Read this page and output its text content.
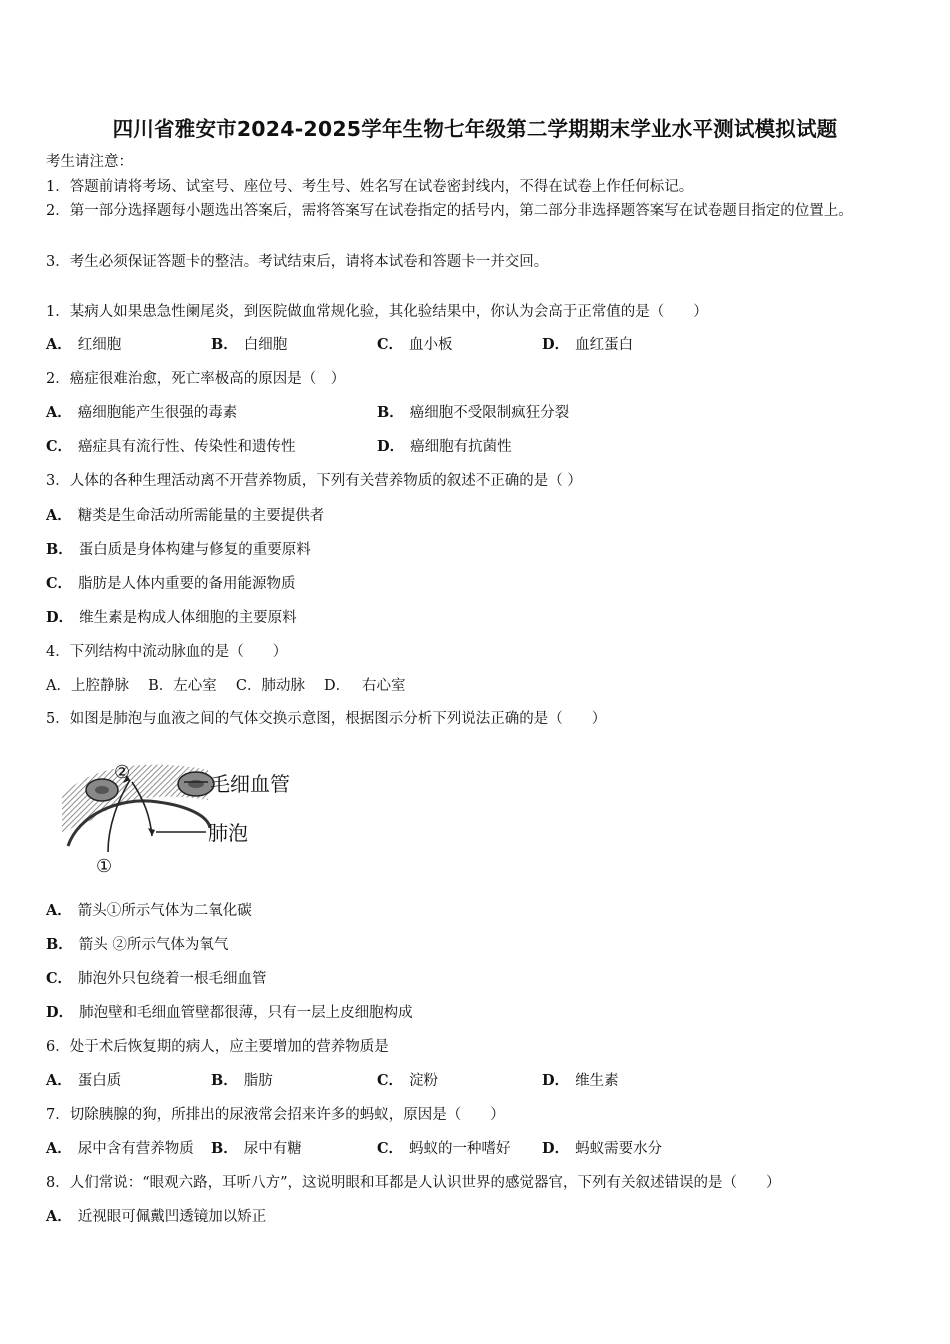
四川省雅安市2024-2025学年生物七年级第二学期期末学业水平测试模拟试题
考生请注意：
1．答题前请将考场、试室号、座位号、考生号、姓名写在试卷密封线内，不得在试卷上作任何标记。
2．第一部分选择题每小题选出答案后，需将答案写在试卷指定的括号内，第二部分非选择题答案写在试卷题目指定的位置上。
3．考生必须保证答题卡的整洁。考试结束后，请将本试卷和答题卡一并交回。
1．某病人如果患急性阑尾炎，到医院做血常规化验，其化验结果中，你认为会高于正常值的是（　　）
A． 红细胞	B． 白细胞	C． 血小板	D． 血红蛋白
2．癌症很难治愈，死亡率极高的原因是（　）
A． 癌细胞能产生很强的毒素	B． 癌细胞不受限制疯狂分裂
C． 癌症具有流行性、传染性和遗传性	D． 癌细胞有抗菌性
3．人体的各种生理活动离不开营养物质，下列有关营养物质的叙述不正确的是（ ）
A． 糖类是生命活动所需能量的主要提供者
B． 蛋白质是身体构建与修复的重要原料
C． 脂肪是人体内重要的备用能源物质
D． 维生素是构成人体细胞的主要原料
4．下列结构中流动脉血的是（　　）
A．上腔静脉　 B．左心室　 C．肺动脉　 D．　 右心室
5．如图是肺泡与血液之间的气体交换示意图，根据图示分析下列说法正确的是（　　）
②
①
毛细血管
肺泡
A． 箭头①所示气体为二氧化碳
B． 箭头 ②所示气体为氧气
C． 肺泡外只包绕着一根毛细血管
D． 肺泡壁和毛细血管壁都很薄，只有一层上皮细胞构成
6．处于术后恢复期的病人，应主要增加的营养物质是
A． 蛋白质	B． 脂肪	C． 淀粉	D． 维生素
7．切除胰腺的狗，所排出的尿液常会招来许多的蚂蚁，原因是（　　）
A． 尿中含有营养物质 B． 尿中有糖	C． 蚂蚁的一种嗜好 D． 蚂蚁需要水分
8．人们常说：“眼观六路，耳听八方”，这说明眼和耳都是人认识世界的感觉器官，下列有关叙述错误的是（　　）
A． 近视眼可佩戴凹透镜加以矫正
